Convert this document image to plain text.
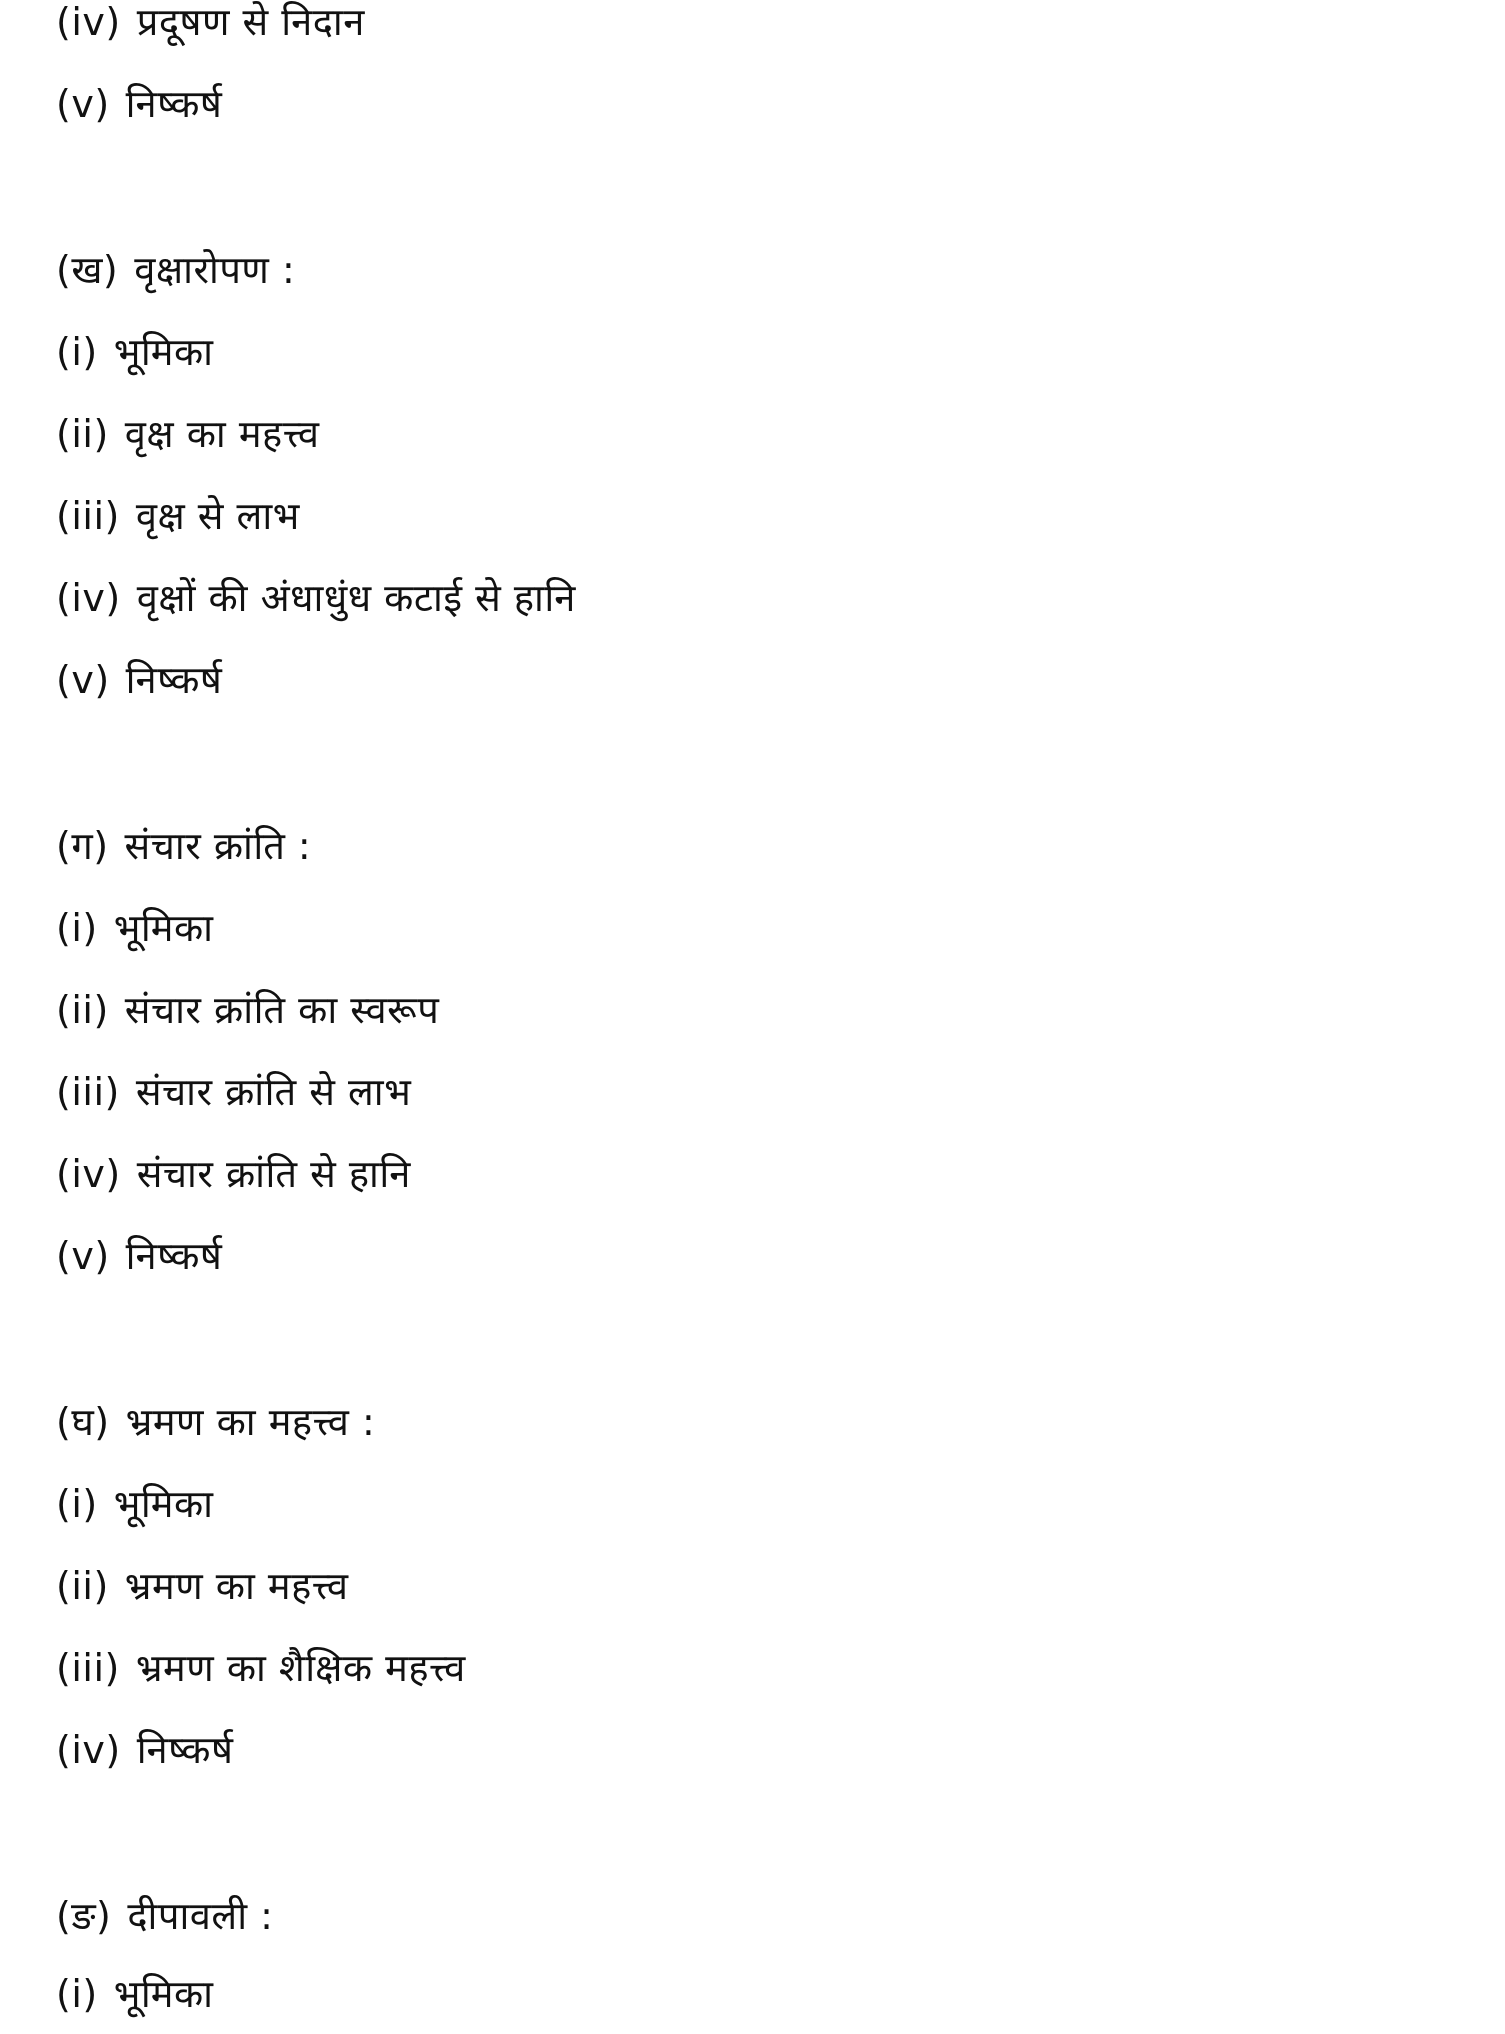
(iv) प्रदूषण से निदान
(v) निष्कर्ष
(ख) वृक्षारोपण :
(i) भूमिका
(ii) वृक्ष का महत्त्व
(iii) वृक्ष से लाभ
(iv) वृक्षों की अंधाधुंध कटाई से हानि
(v) निष्कर्ष
(ग) संचार क्रांति :
(i) भूमिका
(ii) संचार क्रांति का स्वरूप
(iii) संचार क्रांति से लाभ
(iv) संचार क्रांति से हानि
(v) निष्कर्ष
(घ) भ्रमण का महत्त्व :
(i) भूमिका
(ii) भ्रमण का महत्त्व
(iii) भ्रमण का शैक्षिक महत्त्व
(iv) निष्कर्ष
(ङ) दीपावली :
(i) भूमिका
